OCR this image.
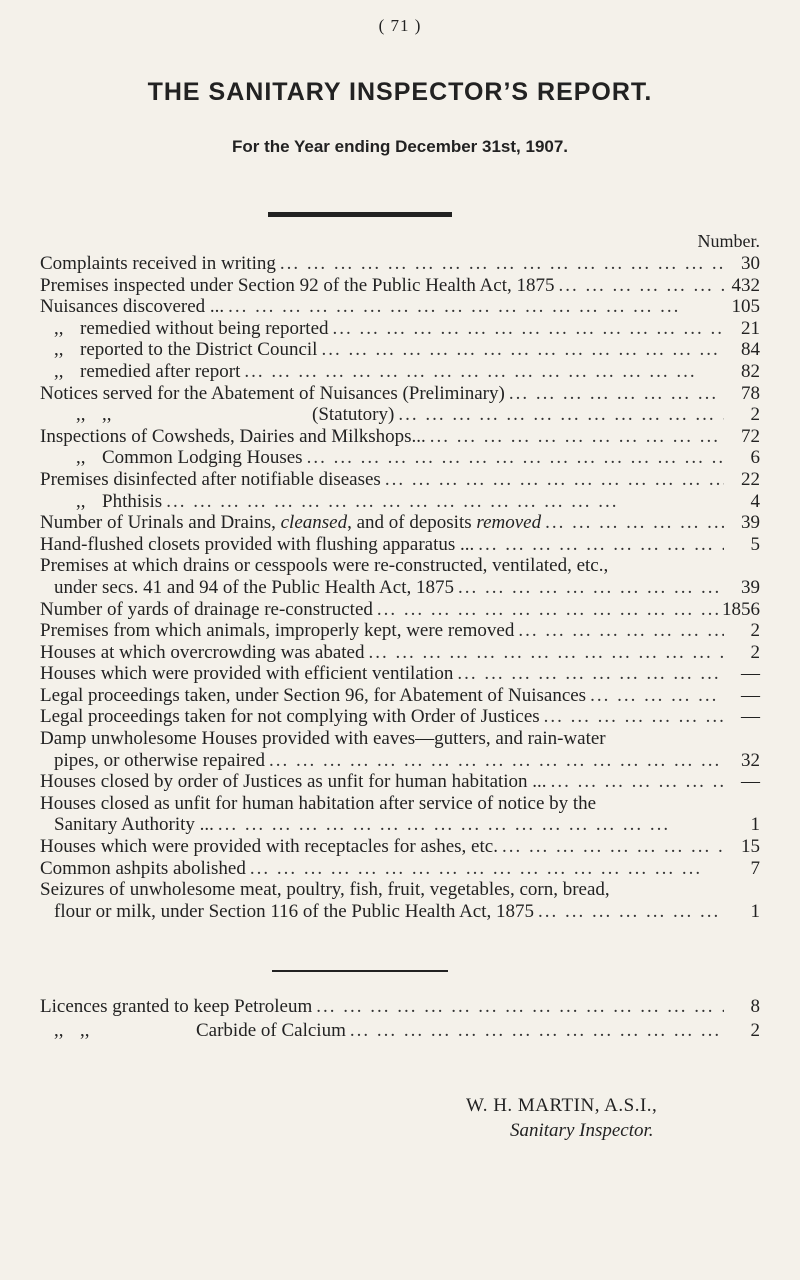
( 71 )
THE SANITARY INSPECTOR’S REPORT.
For the Year ending December 31st, 1907.
Number.
Complaints received in writing ... .	30
Premises inspected under Section 92 of the Public Health Act, 1875 ... .	432
Nuisances discovered ... ... .	105
,, remedied without being reported ... .	21
,, reported to the District Council ... .	84
,, remedied after report ... .	82
Notices served for the Abatement of Nuisances (Preliminary) ... .	78
,, ,,	(Statutory) ... .	2
Inspections of Cowsheds, Dairies and Milkshops... ... .	72
,, Common Lodging Houses ... .	6
Premises disinfected after notifiable diseases ... .	22
,, Phthisis ... .	4
Number of Urinals and Drains, cleansed, and of deposits removed ... .	39
Hand-flushed closets provided with flushing apparatus ... ... .	5
Premises at which drains or cesspools were re-constructed, ventilated, etc.,
under secs. 41 and 94 of the Public Health Act, 1875 ... .	39
Number of yards of drainage re-constructed ... .	1856
Premises from which animals, improperly kept, were removed ... .	2
Houses at which overcrowding was abated ... .	2
Houses which were provided with efficient ventilation ... .	—
Legal proceedings taken, under Section 96, for Abatement of Nuisances ... .	—
Legal proceedings taken for not complying with Order of Justices ... .	—
Damp unwholesome Houses provided with eaves—gutters, and rain-water
pipes, or otherwise repaired ... .	32
Houses closed by order of Justices as unfit for human habitation ... ... .	—
Houses closed as unfit for human habitation after service of notice by the
Sanitary Authority ... ... .	1
Houses which were provided with receptacles for ashes, etc. ... .	15
Common ashpits abolished ... .	7
Seizures of unwholesome meat, poultry, fish, fruit, vegetables, corn, bread,
flour or milk, under Section 116 of the Public Health Act, 1875 ... .	1
Licences granted to keep Petroleum ... .	8
,, ,,	Carbide of Calcium ... .	2
W. H. MARTIN, A.S.I.,
Sanitary Inspector.
